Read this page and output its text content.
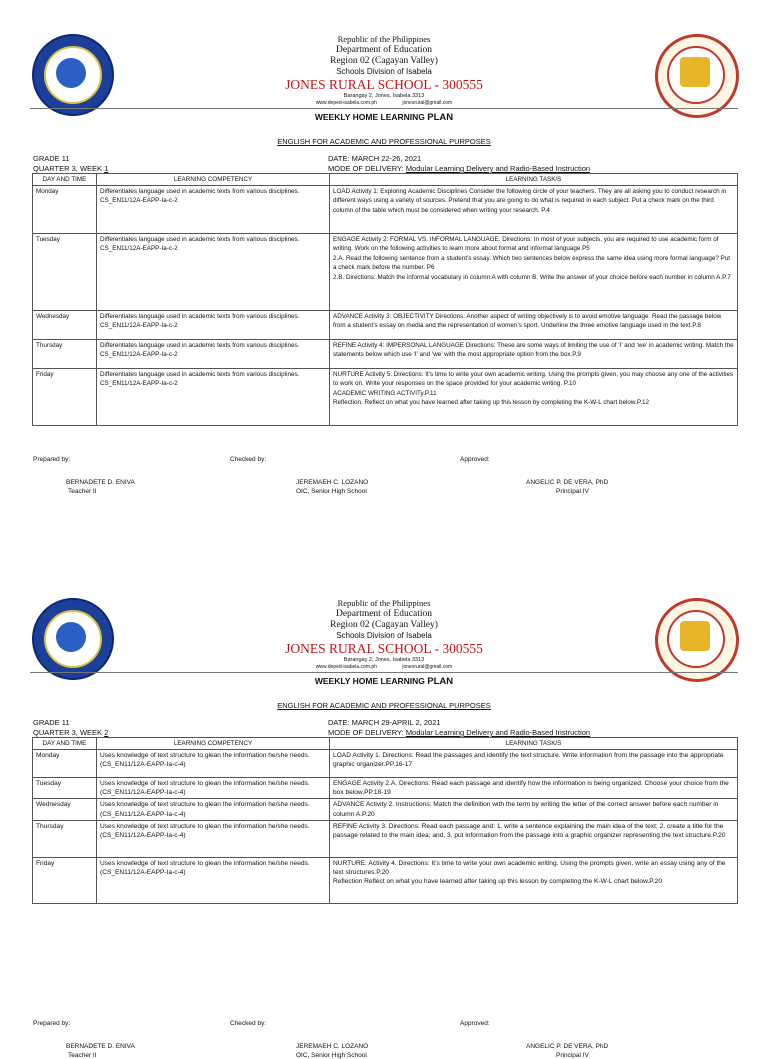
Republic of the Philippines
Department of Education
Region 02 (Cagayan Valley)
Schools Division of Isabela
JONES RURAL SCHOOL - 300555
Barangay 2, Jones, Isabela 3313
www.deped-isabela.com.ph	jonesrural@gmail.com
WEEKLY HOME LEARNING PLAN
ENGLISH FOR ACADEMIC AND PROFESSIONAL PURPOSES
GRADE 11
QUARTER 3, WEEK 1
DATE: MARCH 22-26, 2021
MODE OF DELIVERY: Modular Learning Delivery and Radio-Based Instruction
DAY AND TIME	LEARNING COMPETENCY	LEARNING TASK/S
Monday	Differentiates language used in academic texts from various disciplines. CS_EN11/12A-EAPP-Ia-c-2	LOAD Activity 1: Exploring Academic Disciplines Consider the following circle of your teachers. They are all asking you to conduct research in different ways using a variety of sources. Pretend that you are going to do what is required in each subject. Put a check mark on the third column of the table which must be considered when writing your research. P.4
Tuesday	Differentiates language used in academic texts from various disciplines. CS_EN11/12A-EAPP-Ia-c-2	ENGAGE Activity 2: FORMAL VS. INFORMAL LANGUAGE. Directions: In most of your subjects, you are required to use academic form of writing. Work on the following activities to learn more about formal and informal language.P5
2.A. Read the following sentence from a student’s essay. Which two sentences below express the same idea using more formal language? Put a check mark before the number. P6
2.B. Directions: Match the informal vocabulary in column A with column B. Write the answer of your choice before each number in column A.P.7
Wednesday	Differentiates language used in academic texts from various disciplines. CS_EN11/12A-EAPP-Ia-c-2	ADVANCE Activity 3: OBJECTIVITY Directions: Another aspect of writing objectively is to avoid emotive language. Read the passage below from a student’s essay on media and the representation of women’s sport. Underline the three emotive language used in the text.P.8
Thursday	Differentiates language used in academic texts from various disciplines. CS_EN11/12A-EAPP-Ia-c-2	REFINE Activity 4: IMPERSONAL LANGUAGE Directions: These are some ways of limiting the use of ‘I’ and ‘we’ in academic writing. Match the statements below which use ‘I’ and ‘we’ with the most appropriate option from the box.P.9
Friday	Differentiates language used in academic texts from various disciplines. CS_EN11/12A-EAPP-Ia-c-2	NURTURE Activity 5. Directions: It’s time to write your own academic writing. Using the prompts given, you may choose any one of the activities to work on. Write your responses on the space provided for your academic writing. P.10
ACADEMIC WRITING ACTIVITy.P.11
Reflection. Reflect on what you have learned after taking up this lesson by completing the K-W-L chart below.P.12
Prepared by:	Checked by:	Approved:
BERNADETE D. ENIVA
Teacher II
JEREMAEH C. LOZANO
OIC, Senior High School
ANGELIC P. DE VERA, PhD
Principal IV
Republic of the Philippines
Department of Education
Region 02 (Cagayan Valley)
Schools Division of Isabela
JONES RURAL SCHOOL - 300555
Barangay 2, Jones, Isabela 3313
www.deped-isabela.com.ph	jonesrural@gmail.com
WEEKLY HOME LEARNING PLAN
ENGLISH FOR ACADEMIC AND PROFESSIONAL PURPOSES
GRADE 11
QUARTER 3, WEEK 2
DATE: MARCH 29-APRIL 2, 2021
MODE OF DELIVERY: Modular Learning Delivery and Radio-Based Instruction
DAY AND TIME	LEARNING COMPETENCY	LEARNING TASK/S
Monday	Uses knowledge of text structure to glean the information he/she needs. (CS_EN11/12A-EAPP-Ia-c-4)	LOAD Activity 1. Directions: Read the passages and identify the text structure. Write information from the passage into the appropriate graphic organizer.PP.16-17
Tuesday	Uses knowledge of text structure to glean the information he/she needs. (CS_EN11/12A-EAPP-Ia-c-4)	ENGAGE Activity 2.A. Directions: Read each passage and identify how the information is being organized. Choose your choice from the box below.PP.18-19
Wednesday	Uses knowledge of text structure to glean the information he/she needs. (CS_EN11/12A-EAPP-Ia-c-4)	ADVANCE Activity 2. Instructions: Match the definition with the term by writing the letter of the correct answer before each number in column A.P.20
Thursday	Uses knowledge of text structure to glean the information he/she needs. (CS_EN11/12A-EAPP-Ia-c-4)	REFINE Activity 3. Directions: Read each passage and: 1. write a sentence explaining the main idea of the text; 2. create a title for the passage related to the main idea; and, 3. put information from the passage into a graphic organizer representing the text structure.P.20
Friday	Uses knowledge of text structure to glean the information he/she needs. (CS_EN11/12A-EAPP-Ia-c-4)	NURTURE: Activity 4. Directions: It’s time to write your own academic writing. Using the prompts given, write an essay using any of the text structures.P.20
Reflection Reflect on what you have learned after taking up this lesson by completing the K-W-L chart below.P.20
Prepared by:	Checked by:	Approved:
BERNADETE D. ENIVA
Teacher II
JEREMAEH C. LOZANO
OIC, Senior High School
ANGELIC P. DE VERA, PhD
Principal IV
